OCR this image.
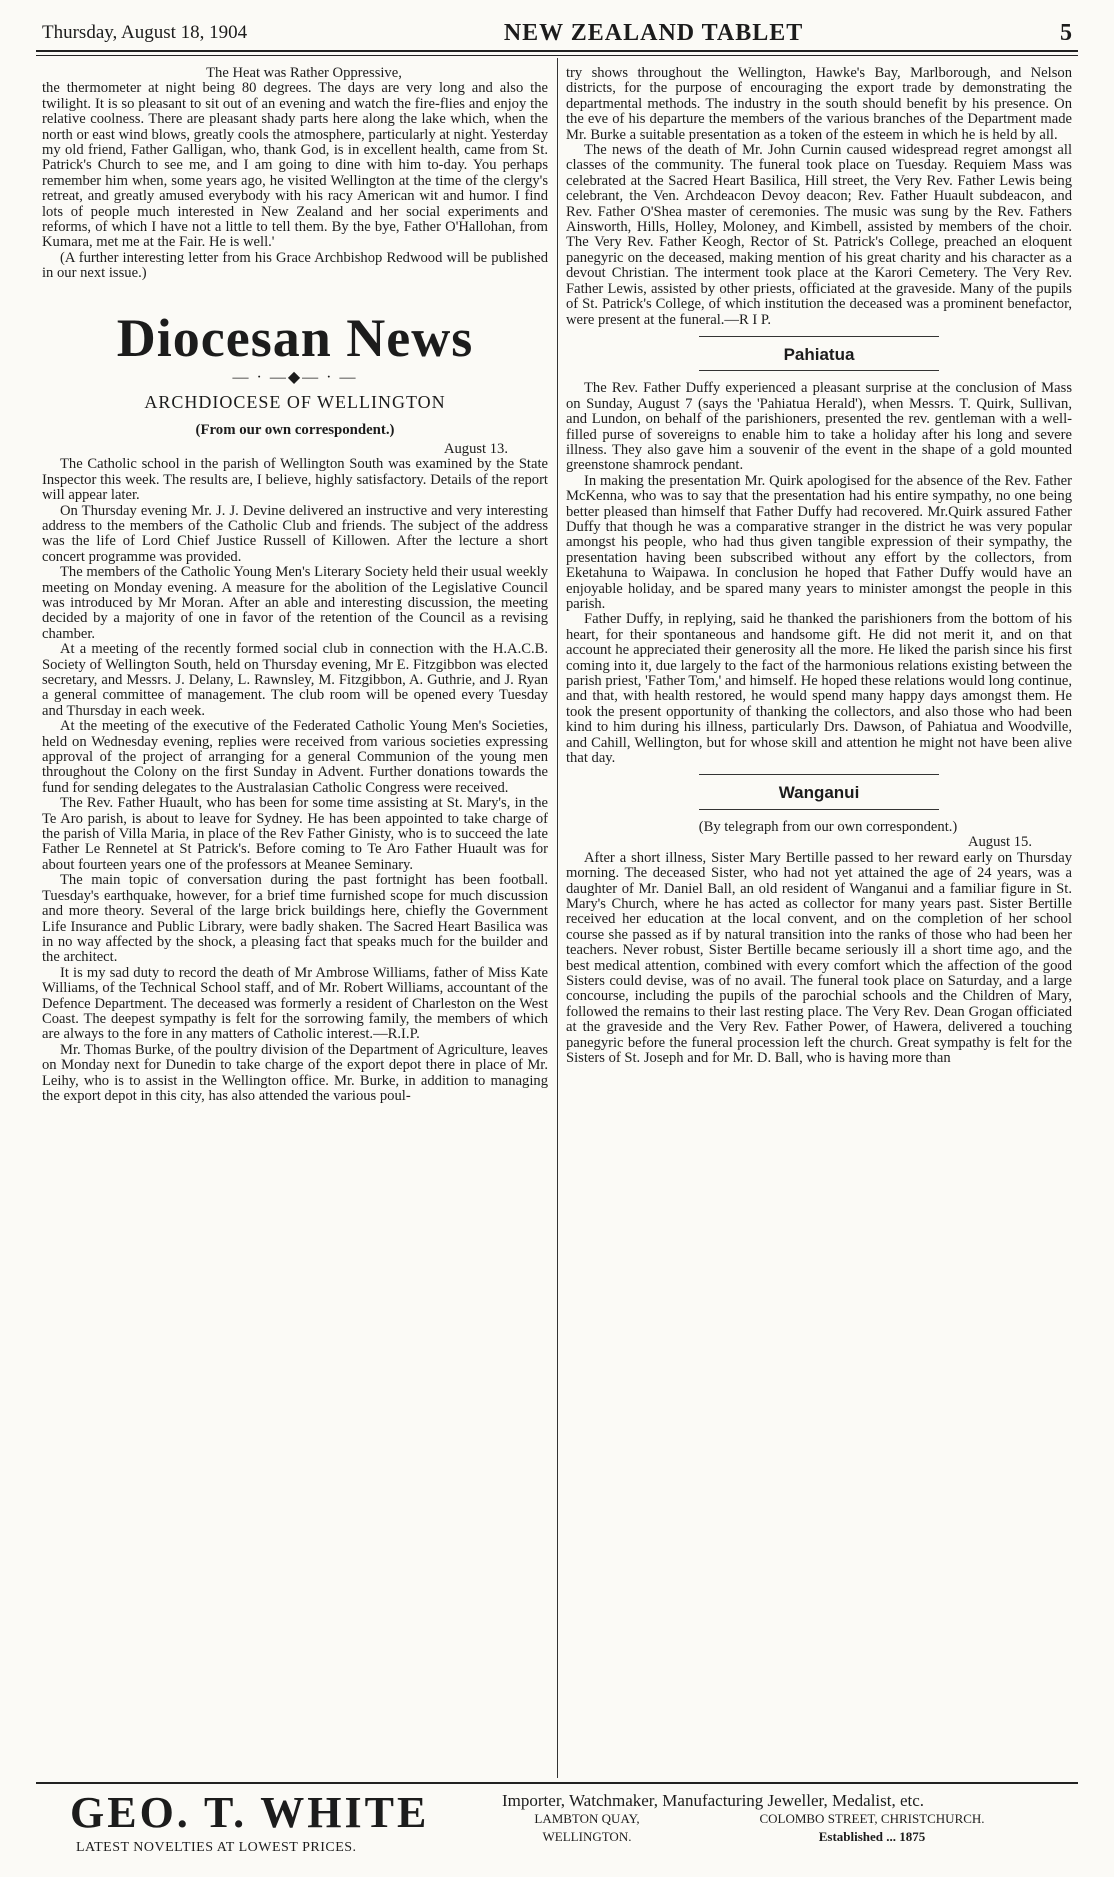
Thursday, August 18, 1904	NEW ZEALAND TABLET	5

The Heat was Rather Oppressive,

the thermometer at night being 80 degrees. The days are very long and also the twilight. It is so pleasant to sit out of an evening and watch the fire-flies and enjoy the relative coolness. There are pleasant shady parts here along the lake which, when the north or east wind blows, greatly cools the atmosphere, particularly at night. Yesterday my old friend, Father Galligan, who, thank God, is in excellent health, came from St. Patrick's Church to see me, and I am going to dine with him to-day. You perhaps remember him when, some years ago, he visited Wellington at the time of the clergy's retreat, and greatly amused everybody with his racy American wit and humor. I find lots of people much interested in New Zealand and her social experiments and reforms, of which I have not a little to tell them. By the bye, Father O'Hallohan, from Kumara, met me at the Fair. He is well.'

(A further interesting letter from his Grace Archbishop Redwood will be published in our next issue.)

Diocesan News
— · —◆— · —
ARCHDIOCESE OF WELLINGTON
(From our own correspondent.)
August 13.

The Catholic school in the parish of Wellington South was examined by the State Inspector this week. The results are, I believe, highly satisfactory. Details of the report will appear later.

On Thursday evening Mr. J. J. Devine delivered an instructive and very interesting address to the members of the Catholic Club and friends. The subject of the address was the life of Lord Chief Justice Russell of Killowen. After the lecture a short concert programme was provided.

The members of the Catholic Young Men's Literary Society held their usual weekly meeting on Monday evening. A measure for the abolition of the Legislative Council was introduced by Mr Moran. After an able and interesting discussion, the meeting decided by a majority of one in favor of the retention of the Council as a revising chamber.

At a meeting of the recently formed social club in connection with the H.A.C.B. Society of Wellington South, held on Thursday evening, Mr E. Fitzgibbon was elected secretary, and Messrs. J. Delany, L. Rawnsley, M. Fitzgibbon, A. Guthrie, and J. Ryan a general committee of management. The club room will be opened every Tuesday and Thursday in each week.

At the meeting of the executive of the Federated Catholic Young Men's Societies, held on Wednesday evening, replies were received from various societies expressing approval of the project of arranging for a general Communion of the young men throughout the Colony on the first Sunday in Advent. Further donations towards the fund for sending delegates to the Australasian Catholic Congress were received.

The Rev. Father Huault, who has been for some time assisting at St. Mary's, in the Te Aro parish, is about to leave for Sydney. He has been appointed to take charge of the parish of Villa Maria, in place of the Rev Father Ginisty, who is to succeed the late Father Le Rennetel at St Patrick's. Before coming to Te Aro Father Huault was for about fourteen years one of the professors at Meanee Seminary.

The main topic of conversation during the past fortnight has been football. Tuesday's earthquake, however, for a brief time furnished scope for much discussion and more theory. Several of the large brick buildings here, chiefly the Government Life Insurance and Public Library, were badly shaken. The Sacred Heart Basilica was in no way affected by the shock, a pleasing fact that speaks much for the builder and the architect.

It is my sad duty to record the death of Mr Ambrose Williams, father of Miss Kate Williams, of the Technical School staff, and of Mr. Robert Williams, accountant of the Defence Department. The deceased was formerly a resident of Charleston on the West Coast. The deepest sympathy is felt for the sorrowing family, the members of which are always to the fore in any matters of Catholic interest.—R.I.P.

Mr. Thomas Burke, of the poultry division of the Department of Agriculture, leaves on Monday next for Dunedin to take charge of the export depot there in place of Mr. Leihy, who is to assist in the Wellington office. Mr. Burke, in addition to managing the export depot in this city, has also attended the various poul-

try shows throughout the Wellington, Hawke's Bay, Marlborough, and Nelson districts, for the purpose of encouraging the export trade by demonstrating the departmental methods. The industry in the south should benefit by his presence. On the eve of his departure the members of the various branches of the Department made Mr. Burke a suitable presentation as a token of the esteem in which he is held by all.

The news of the death of Mr. John Curnin caused widespread regret amongst all classes of the community. The funeral took place on Tuesday. Requiem Mass was celebrated at the Sacred Heart Basilica, Hill street, the Very Rev. Father Lewis being celebrant, the Ven. Archdeacon Devoy deacon; Rev. Father Huault subdeacon, and Rev. Father O'Shea master of ceremonies. The music was sung by the Rev. Fathers Ainsworth, Hills, Holley, Moloney, and Kimbell, assisted by members of the choir. The Very Rev. Father Keogh, Rector of St. Patrick's College, preached an eloquent panegyric on the deceased, making mention of his great charity and his character as a devout Christian. The interment took place at the Karori Cemetery. The Very Rev. Father Lewis, assisted by other priests, officiated at the graveside. Many of the pupils of St. Patrick's College, of which institution the deceased was a prominent benefactor, were present at the funeral.—R I P.

Pahiatua

The Rev. Father Duffy experienced a pleasant surprise at the conclusion of Mass on Sunday, August 7 (says the 'Pahiatua Herald'), when Messrs. T. Quirk, Sullivan, and Lundon, on behalf of the parishioners, presented the rev. gentleman with a well-filled purse of sovereigns to enable him to take a holiday after his long and severe illness. They also gave him a souvenir of the event in the shape of a gold mounted greenstone shamrock pendant.

In making the presentation Mr. Quirk apologised for the absence of the Rev. Father McKenna, who was to say that the presentation had his entire sympathy, no one being better pleased than himself that Father Duffy had recovered. Mr.Quirk assured Father Duffy that though he was a comparative stranger in the district he was very popular amongst his people, who had thus given tangible expression of their sympathy, the presentation having been subscribed without any effort by the collectors, from Eketahuna to Waipawa. In conclusion he hoped that Father Duffy would have an enjoyable holiday, and be spared many years to minister amongst the people in this parish.

Father Duffy, in replying, said he thanked the parishioners from the bottom of his heart, for their spontaneous and handsome gift. He did not merit it, and on that account he appreciated their generosity all the more. He liked the parish since his first coming into it, due largely to the fact of the harmonious relations existing between the parish priest, 'Father Tom,' and himself. He hoped these relations would long continue, and that, with health restored, he would spend many happy days amongst them. He took the present opportunity of thanking the collectors, and also those who had been kind to him during his illness, particularly Drs. Dawson, of Pahiatua and Woodville, and Cahill, Wellington, but for whose skill and attention he might not have been alive that day.

Wanganui

(By telegraph from our own correspondent.)

August 15.

After a short illness, Sister Mary Bertille passed to her reward early on Thursday morning. The deceased Sister, who had not yet attained the age of 24 years, was a daughter of Mr. Daniel Ball, an old resident of Wanganui and a familiar figure in St. Mary's Church, where he has acted as collector for many years past. Sister Bertille received her education at the local convent, and on the completion of her school course she passed as if by natural transition into the ranks of those who had been her teachers. Never robust, Sister Bertille became seriously ill a short time ago, and the best medical attention, combined with every comfort which the affection of the good Sisters could devise, was of no avail. The funeral took place on Saturday, and a large concourse, including the pupils of the parochial schools and the Children of Mary, followed the remains to their last resting place. The Very Rev. Dean Grogan officiated at the graveside and the Very Rev. Father Power, of Hawera, delivered a touching panegyric before the funeral procession left the church. Great sympathy is felt for the Sisters of St. Joseph and for Mr. D. Ball, who is having more than

GEO. T. WHITE
LATEST NOVELTIES AT LOWEST PRICES.
Importer, Watchmaker, Manufacturing Jeweller, Medalist, etc.
LAMBTON QUAY,	COLOMBO STREET, CHRISTCHURCH.
WELLINGTON.	Established ... 1875
